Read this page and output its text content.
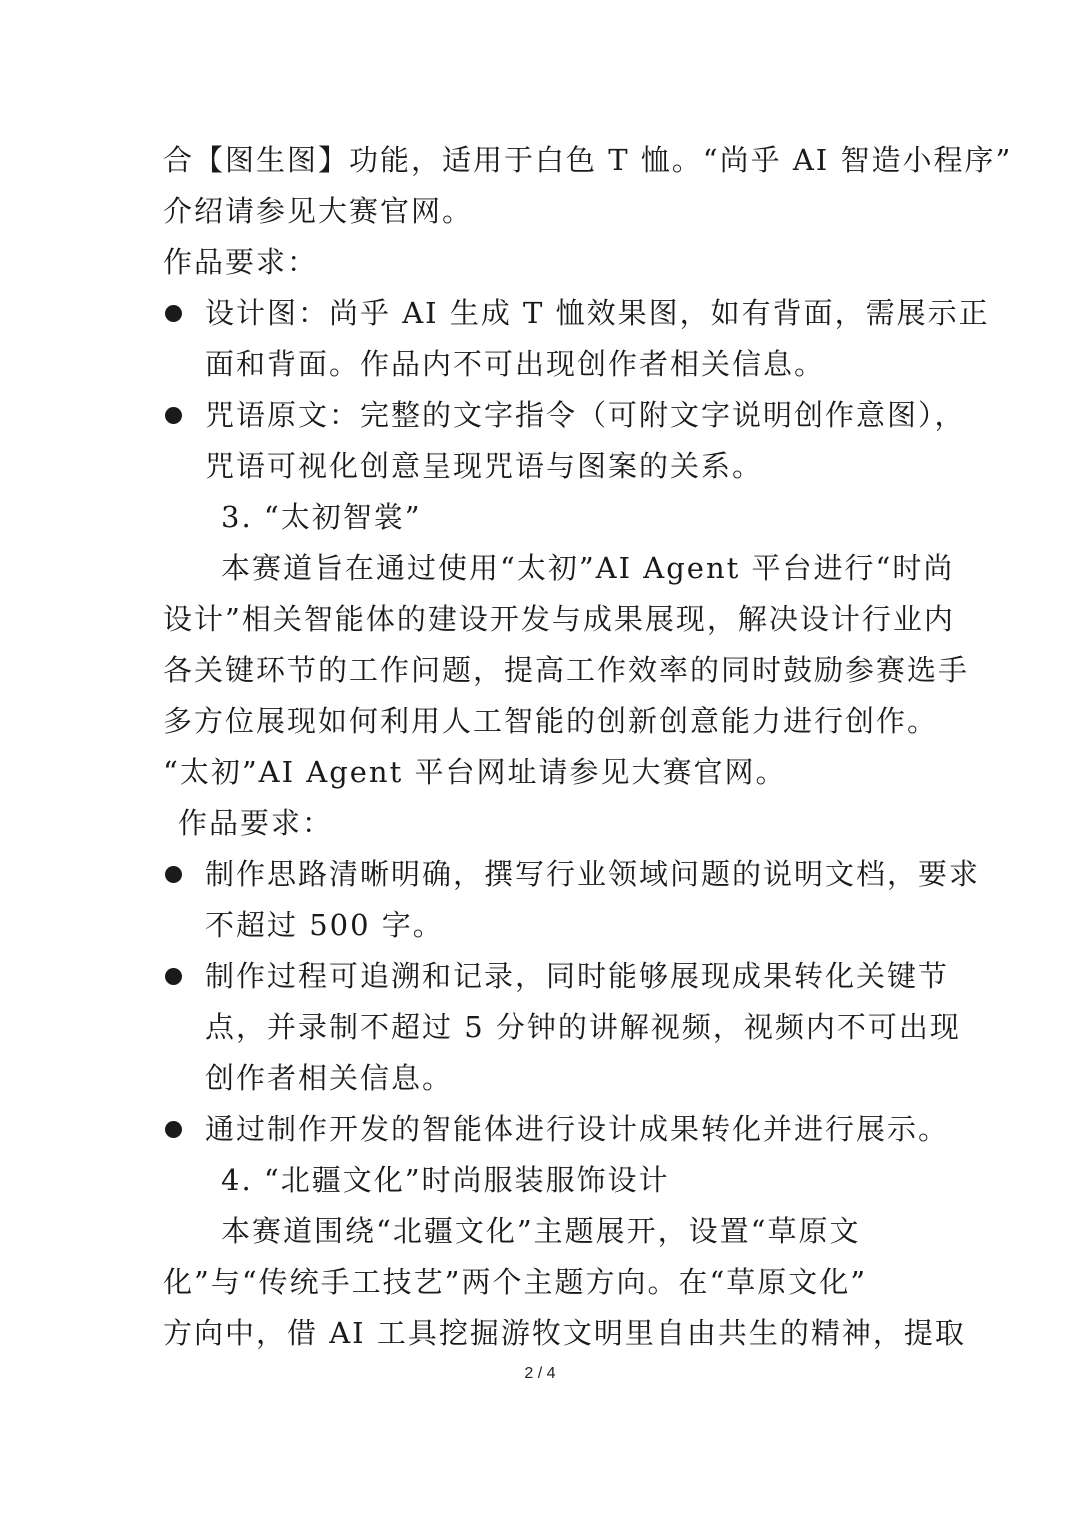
合【图生图】功能，适用于白色 T 恤。“尚乎 AI 智造小程序”
介绍请参见大赛官网。
作品要求：
设计图：尚乎 AI 生成 T 恤效果图，如有背面，需展示正
面和背面。作品内不可出现创作者相关信息。
咒语原文：完整的文字指令（可附文字说明创作意图），
咒语可视化创意呈现咒语与图案的关系。
3. “太初智裳”
本赛道旨在通过使用“太初”AI Agent 平台进行“时尚
设计”相关智能体的建设开发与成果展现，解决设计行业内
各关键环节的工作问题，提高工作效率的同时鼓励参赛选手
多方位展现如何利用人工智能的创新创意能力进行创作。
“太初”AI Agent 平台网址请参见大赛官网。
作品要求：
制作思路清晰明确，撰写行业领域问题的说明文档，要求
不超过 500 字。
制作过程可追溯和记录，同时能够展现成果转化关键节
点，并录制不超过 5 分钟的讲解视频，视频内不可出现
创作者相关信息。
通过制作开发的智能体进行设计成果转化并进行展示。
4. “北疆文化”时尚服装服饰设计
本赛道围绕“北疆文化”主题展开，设置“草原文
化”与“传统手工技艺”两个主题方向。在“草原文化”
方向中，借 AI 工具挖掘游牧文明里自由共生的精神，提取
2 / 4
